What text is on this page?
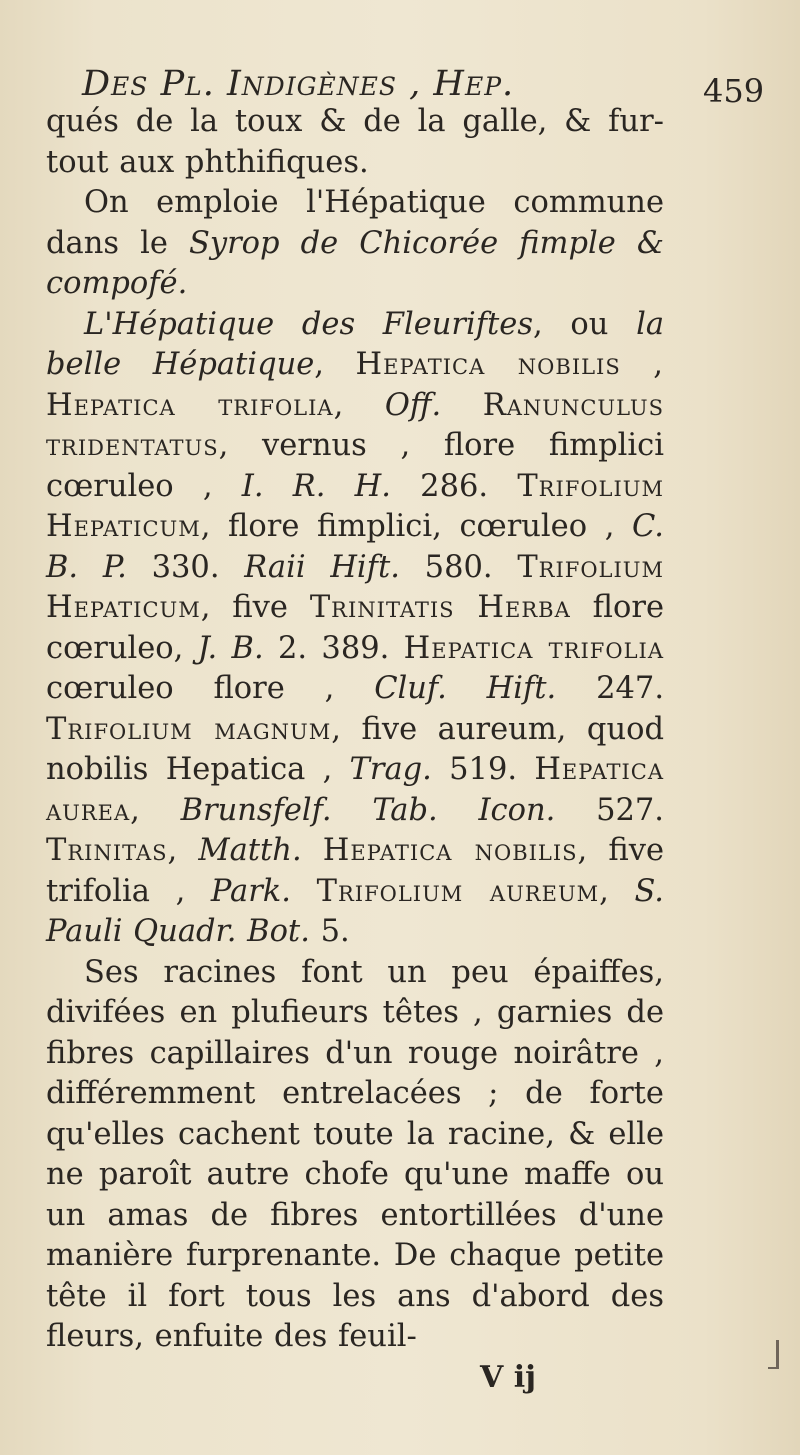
Des Pl. Indigènes , Hep.	459

qués de la toux & de la galle, & fur-tout aux phthifiques.

On emploie l'Hépatique commune dans le Syrop de Chicorée fimple & compofé.

L'Hépatique des Fleuriftes, ou la belle Hépatique, Hepatica nobilis , Hepatica trifolia, Off. Ranunculus tridentatus, vernus , flore fimplici cœruleo , I. R. H. 286. Trifolium Hepaticum, flore fimplici, cœruleo , C. B. P. 330. Raii Hift. 580. Trifolium Hepaticum, five Trinitatis Herba flore cœruleo, J. B. 2. 389. Hepatica trifolia cœruleo flore , Cluf. Hift. 247. Trifolium magnum, five aureum, quod nobilis Hepatica , Trag. 519. Hepatica aurea, Brunsfelf. Tab. Icon. 527. Trinitas, Matth. Hepatica nobilis, five trifolia , Park. Trifolium aureum, S. Pauli Quadr. Bot. 5.

Ses racines font un peu épaiffes, divifées en plufieurs têtes , garnies de fibres capillaires d'un rouge noirâtre , différemment entrelacées ; de forte qu'elles cachent toute la racine, & elle ne paroît autre chofe qu'une maffe ou un amas de fibres entortillées d'une manière furprenante. De chaque petite tête il fort tous les ans d'abord des fleurs, enfuite des feuil-

V ij
